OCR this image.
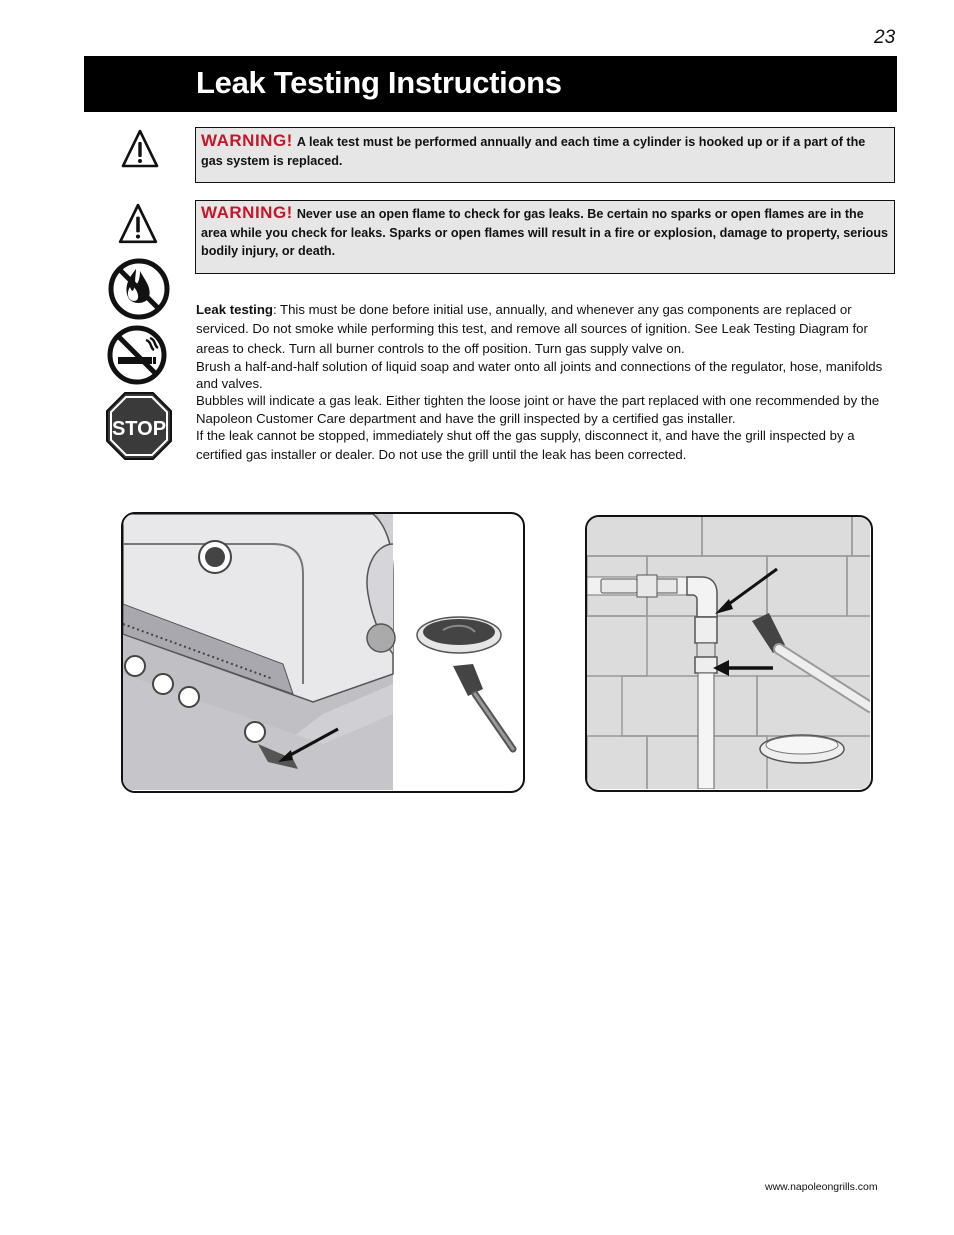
23
Leak Testing Instructions
WARNING! A leak test must be performed annually and each time a cylinder is hooked up or if a part of the gas system is replaced.
WARNING! Never use an open flame to check for gas leaks. Be certain no sparks or open flames are in the area while you check for leaks. Sparks or open flames will result in a fire or explosion, damage to property, serious bodily injury, or death.
STOP

Leak testing: This must be done before initial use, annually, and whenever any gas components are replaced or serviced. Do not smoke while performing this test, and remove all sources of ignition. See Leak Testing Diagram for areas to check. Turn all burner controls to the off position. Turn gas supply valve on.

Brush a half-and-half solution of liquid soap and water onto all joints and connections of the regulator, hose, manifolds and valves.

Bubbles will indicate a gas leak. Either tighten the loose joint or have the part replaced with one recommended by the Napoleon Customer Care department and have the grill inspected by a certified gas installer.

If the leak cannot be stopped, immediately shut off the gas supply, disconnect it, and have the grill inspected by a certified gas installer or dealer. Do not use the grill until the leak has been corrected.

www.napoleongrills.com
